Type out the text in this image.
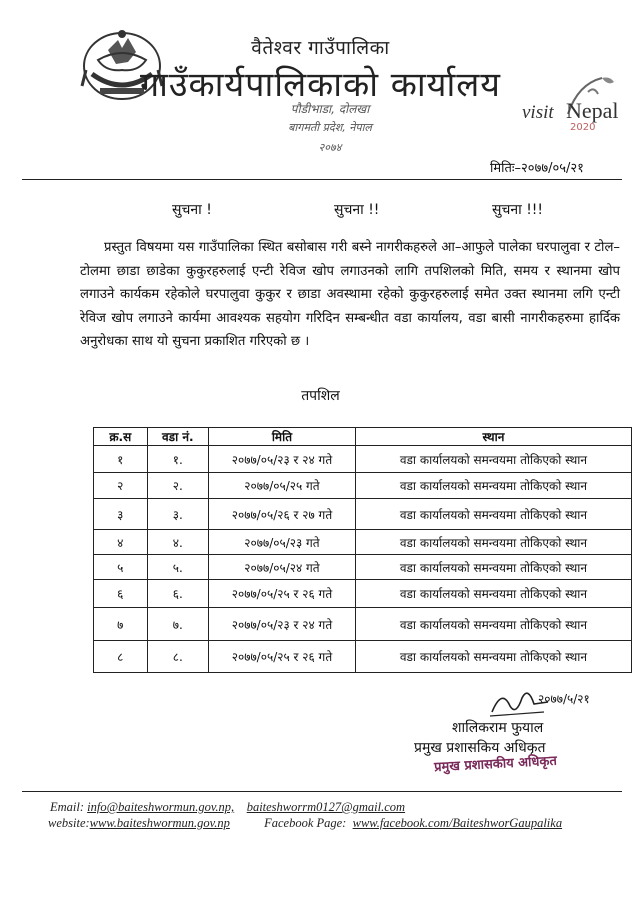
वैतेश्वर गाउँपालिका
गाउँकार्यपालिकाको कार्यालय
पौडीभाडा, दोलखा
बागमती प्रदेश, नेपाल
२०७४
visit Nepal
2020
मितिः–२०७७/०५/२१
सुचना !	सुचना !!	सुचना !!!
प्रस्तुत विषयमा यस गाउँपालिका स्थित बसोबास गरी बस्ने नागरीकहरुले आ–आफुले पालेका घरपालुवा र टोल–टोलमा छाडा छाडेका कुकुरहरुलाई एन्टी रेविज खोप लगाउनको लागि तपशिलको मिति, समय र स्थानमा खोप लगाउने कार्यकम रहेकोले घरपालुवा कुकुर र छाडा अवस्थामा रहेको कुकुरहरुलाई समेत उक्त स्थानमा लगि एन्टी रेविज खोप लगाउने कार्यमा आवश्यक सहयोग गरिदिन सम्बन्धीत वडा कार्यालय, वडा बासी नागरीकहरुमा हार्दिक अनुरोधका साथ यो सुचना प्रकाशित गरिएको छ ।
तपशिल
क्र.स	वडा नं.	मिति	स्थान
१	१.	२०७७/०५/२३ र २४ गते	वडा कार्यालयको समन्वयमा तोकिएको स्थान
२	२.	२०७७/०५/२५ गते	वडा कार्यालयको समन्वयमा तोकिएको स्थान
३	३.	२०७७/०५/२६ र २७ गते	वडा कार्यालयको समन्वयमा तोकिएको स्थान
४	४.	२०७७/०५/२३ गते	वडा कार्यालयको समन्वयमा तोकिएको स्थान
५	५.	२०७७/०५/२४ गते	वडा कार्यालयको समन्वयमा तोकिएको स्थान
६	६.	२०७७/०५/२५ र २६ गते	वडा कार्यालयको समन्वयमा तोकिएको स्थान
७	७.	२०७७/०५/२३ र २४ गते	वडा कार्यालयको समन्वयमा तोकिएको स्थान
८	८.	२०७७/०५/२५ र २६ गते	वडा कार्यालयको समन्वयमा तोकिएको स्थान
२०७७/५/२१
शालिकराम फुयाल
प्रमुख प्रशासकिय अधिकृत
प्रमुख प्रशासकीय अधिकृत
Email: info@baiteshwormun.gov.np, baiteshworrm0127@gmail.com
website:www.baiteshwormun.gov.np	Facebook Page: www.facebook.com/BaiteshworGaupalika
